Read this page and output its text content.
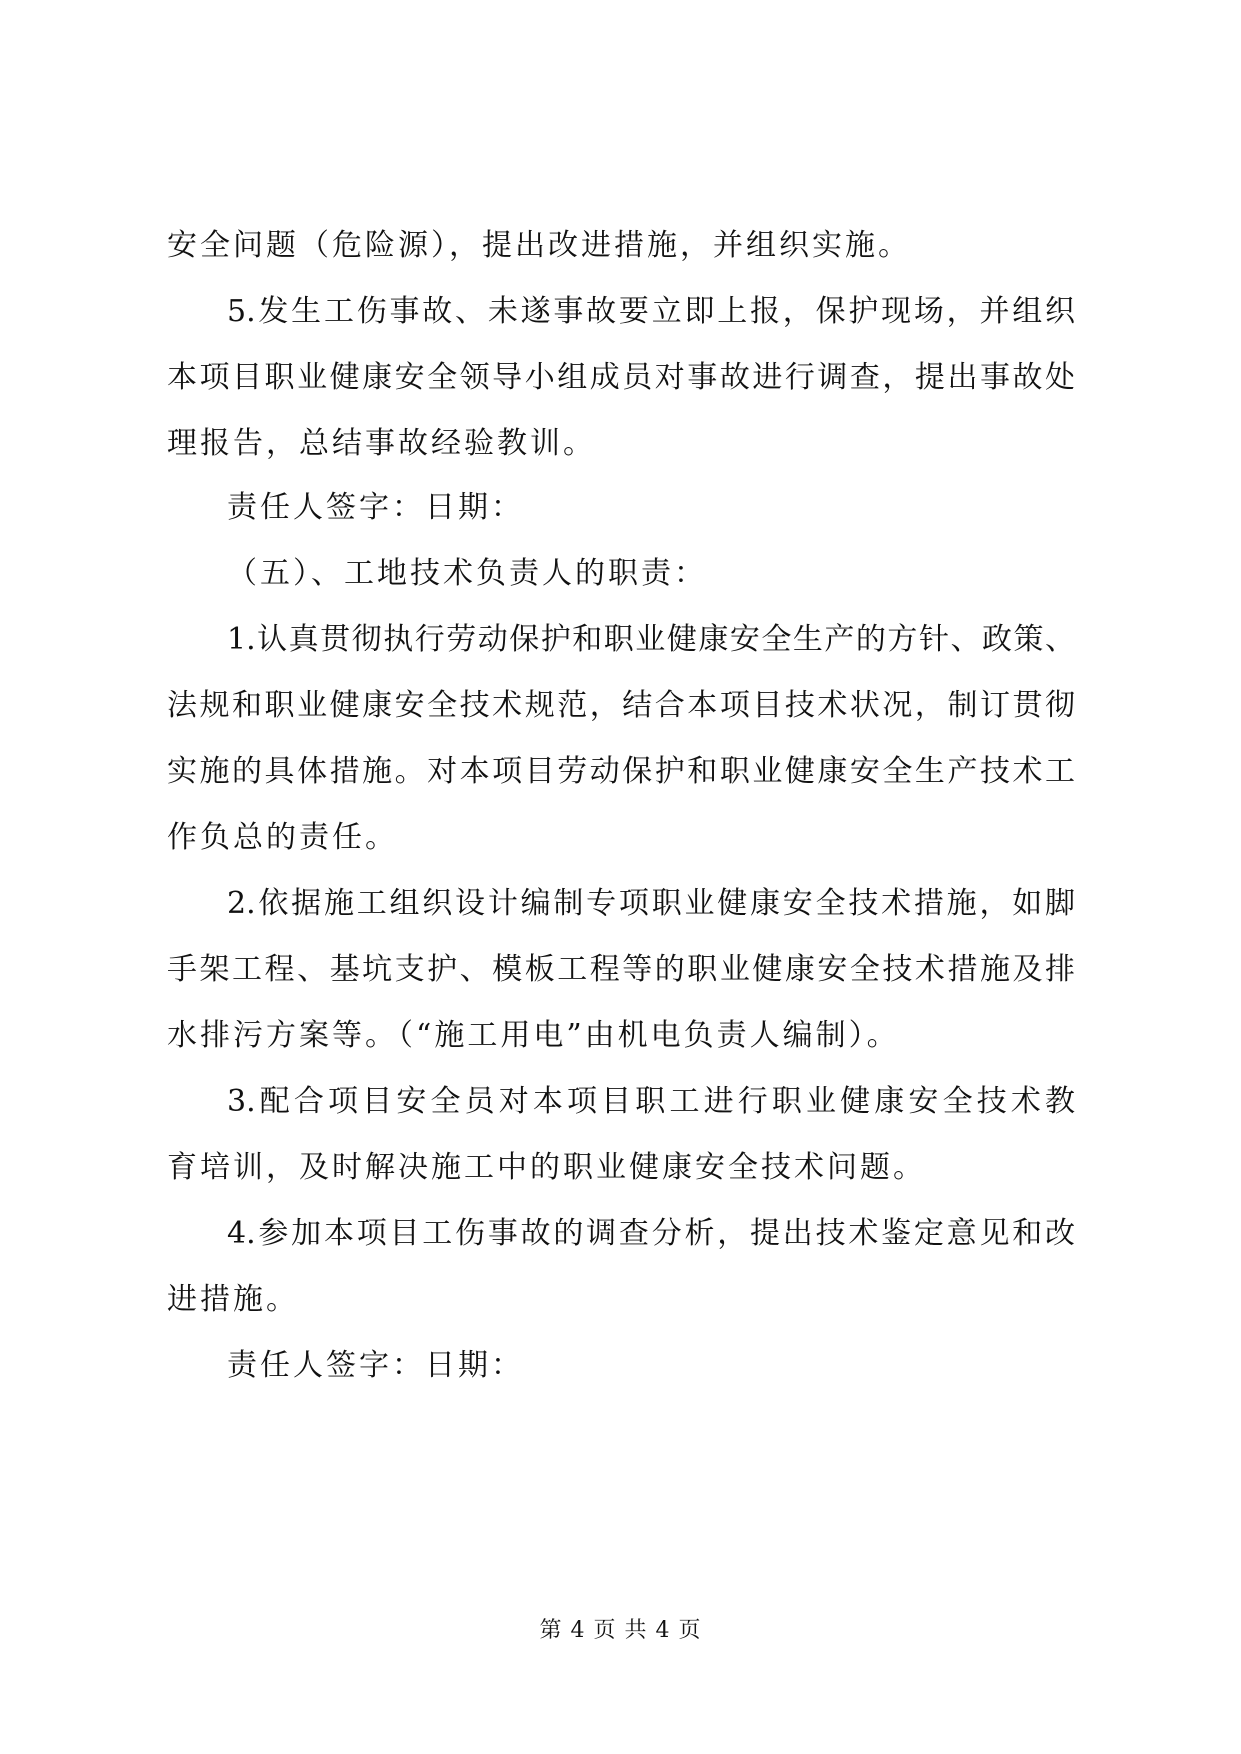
安全问题（危险源），提出改进措施，并组织实施。
5.发生工伤事故、未遂事故要立即上报，保护现场，并组织
本项目职业健康安全领导小组成员对事故进行调查，提出事故处
理报告，总结事故经验教训。
责任人签字：日期：
（五）、工地技术负责人的职责：
1.认真贯彻执行劳动保护和职业健康安全生产的方针、政策、
法规和职业健康安全技术规范，结合本项目技术状况，制订贯彻
实施的具体措施。对本项目劳动保护和职业健康安全生产技术工
作负总的责任。
2.依据施工组织设计编制专项职业健康安全技术措施，如脚
手架工程、基坑支护、模板工程等的职业健康安全技术措施及排
水排污方案等。（“施工用电”由机电负责人编制）。
3.配合项目安全员对本项目职工进行职业健康安全技术教
育培训，及时解决施工中的职业健康安全技术问题。
4.参加本项目工伤事故的调查分析，提出技术鉴定意见和改
进措施。
责任人签字：日期：
第 4 页 共 4 页
